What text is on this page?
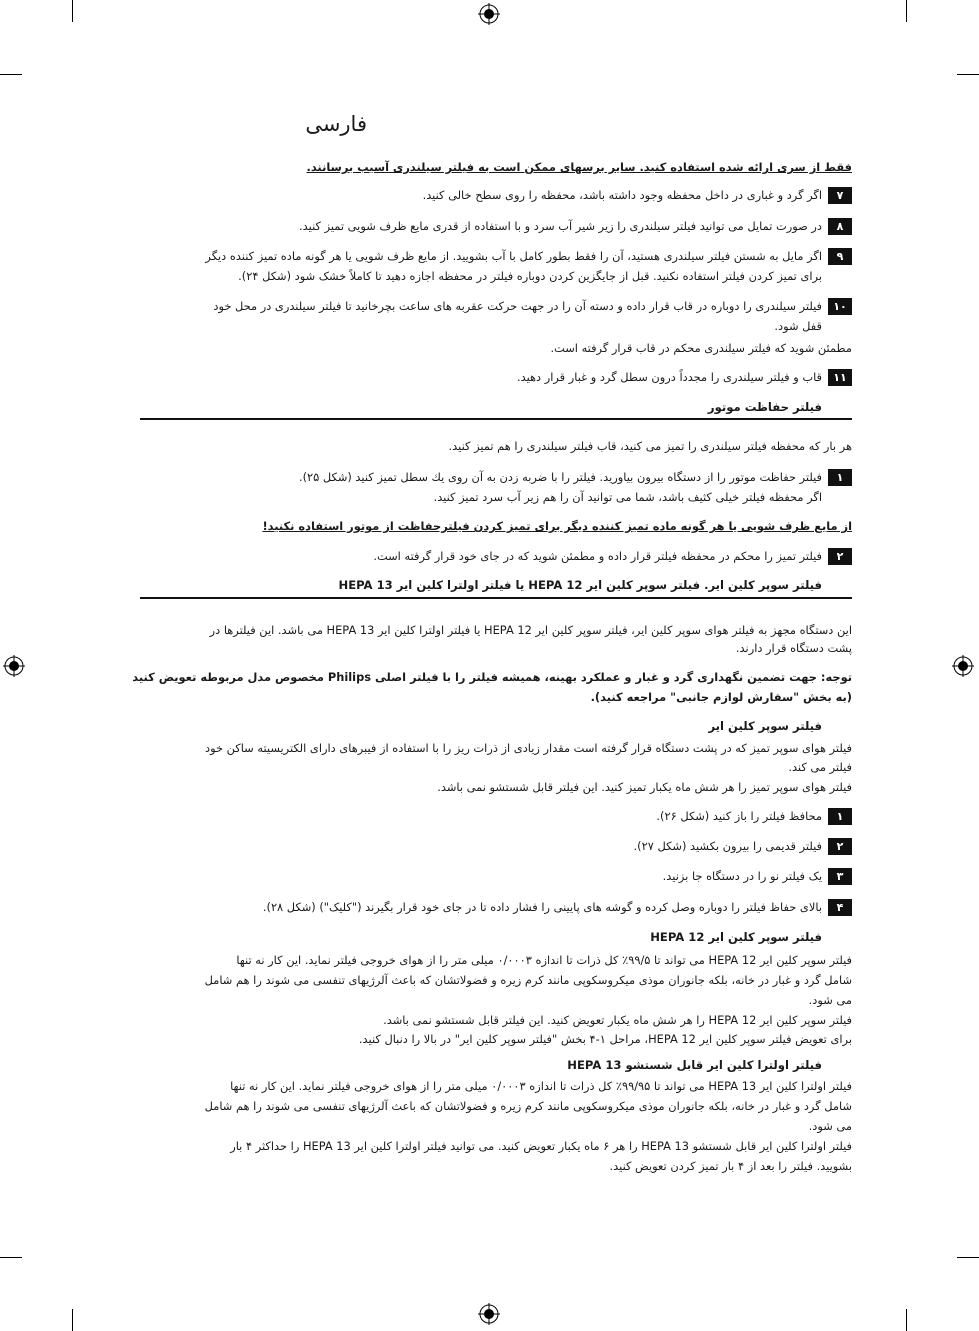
فارسی
فقط از سری ارائه شده استفاده کنید. سایر برسهای ممکن است به فیلتر سیلندری آسیب برسانند.
۷اگر گرد و غباری در داخل محفظه وجود داشته باشد، محفظه را روی سطح خالی کنید.
۸در صورت تمایل می توانید فیلتر سیلندری را زیر شیر آب سرد و با استفاده از قدری مایع ظرف شویی تمیز کنید.
۹اگر مایل به شستن فیلتر سیلندری هستید، آن را فقط بطور کامل با آب بشویید. از مایع ظرف شویی یا هر گونه ماده تمیز کننده دیگر
برای تمیز کردن فیلتر استفاده نکنید. قبل از جایگزین کردن دوباره فیلتر در محفظه اجازه دهید تا کاملاً خشک شود (شکل ۲۴).
۱۰فیلتر سیلندری را دوباره در قاب قرار داده و دسته آن را در جهت حرکت عقربه های ساعت بچرخانید تا فیلتر سیلندری در محل خود
قفل شود.
مطمئن شوید که فیلتر سیلندری محکم در قاب قرار گرفته است.
۱۱قاب و فیلتر سیلندری را مجدداً درون سطل گرد و غبار قرار دهید.
فیلتر حفاظت موتور
هر بار که محفظه فیلتر سیلندری را تمیز می کنید، قاب فیلتر سیلندری را هم تمیز کنید.
۱فیلتر حفاظت موتور را از دستگاه بیرون بیاورید. فیلتر را با ضربه زدن به آن روی یك سطل تمیز كنید (شكل ۲۵).
اگر محفظه فیلتر خیلی کثیف باشد، شما می توانید آن را هم زیر آب سرد تمیز کنید.
از مایع ظرف شویی یا هر گونه ماده تمیز کننده دیگر برای تمیز کردن فیلترحفاظت از موتور استفاده نکنید!
۲فیلتر تمیز را محکم در محفظه فیلتر قرار داده و مطمئن شوید که در جای خود قرار گرفته است.
فیلتر سوپر کلین ایر. فیلتر سوپر کلین ایر HEPA 12 یا فیلتر اولترا کلین ایر HEPA 13
این دستگاه مجهز به فیلتر هوای سوپر کلین ایر، فیلتر سوپر کلین ایر HEPA 12 یا فیلتر اولترا کلین ایر HEPA 13 می باشد. این فیلترها در
پشت دستگاه قرار دارند.
توجه: جهت تضمین نگهداری گرد و غبار و عملکرد بهینه، همیشه فیلتر را با فیلتر اصلی Philips مخصوص مدل مربوطه تعویض کنید
(به بخش "سفارش لوازم جانبی" مراجعه کنید).
فیلتر سوپر کلین ایر
فیلتر هوای سوپر تمیز که در پشت دستگاه قرار گرفته است مقدار زیادی از ذرات ریز را با استفاده از فیبرهای دارای الکتریسیته ساکن خود
فیلتر می کند.
فیلتر هوای سوپر تمیز را هر شش ماه یکبار تمیز کنید. این فیلتر قابل شستشو نمی باشد.
۱محافظ فیلتر را باز کنید (شکل ۲۶).
۲فیلتر قدیمی را بیرون بکشید (شکل ۲۷).
۳یک فیلتر نو را در دستگاه جا بزنید.
۴بالای حفاظ فیلتر را دوباره وصل کرده و گوشه های پایینی را فشار داده تا در جای خود قرار بگیرند ("کلیک") (شکل ۲۸).
فیلتر سوپر کلین ایر HEPA 12
فیلتر سوپر کلین ایر HEPA 12 می تواند تا ۹۹/۵٪ کل ذرات تا اندازه ۰/۰۰۰۳ میلی متر را از هوای خروجی فیلتر نماید. این کار نه تنها
شامل گرد و غبار در خانه، بلکه جانوران موذی میکروسکوپی مانند کرم زیره و فضولاتشان که باعث آلرژیهای تنفسی می شوند را هم شامل
می شود.
فیلتر سوپر کلین ایر HEPA 12 را هر شش ماه یکبار تعویض کنید. این فیلتر قابل شستشو نمی باشد.
برای تعویض فیلتر سوپر کلین ایر HEPA 12، مراحل ۱-۴ بخش "فیلتر سوپر کلین ایر" در بالا را دنبال کنید.
فیلتر اولترا کلین ایر قابل شستشو HEPA 13
فیلتر اولترا کلین ایر HEPA 13 می تواند تا ۹۹/۹۵٪ کل ذرات تا اندازه ۰/۰۰۰۳ میلی متر را از هوای خروجی فیلتر نماید. این کار نه تنها
شامل گرد و غبار در خانه، بلکه جانوران موذی میکروسکوپی مانند کرم زیره و فضولاتشان که باعث آلرژیهای تنفسی می شوند را هم شامل
می شود.
فیلتر اولترا کلین ایر قابل شستشو HEPA 13 را هر ۶ ماه یکبار تعویض کنید. می توانید فیلتر اولترا کلین ایر HEPA 13 را حداکثر ۴ بار
بشویید. فیلتر را بعد از ۴ بار تمیز کردن تعویض کنید.
